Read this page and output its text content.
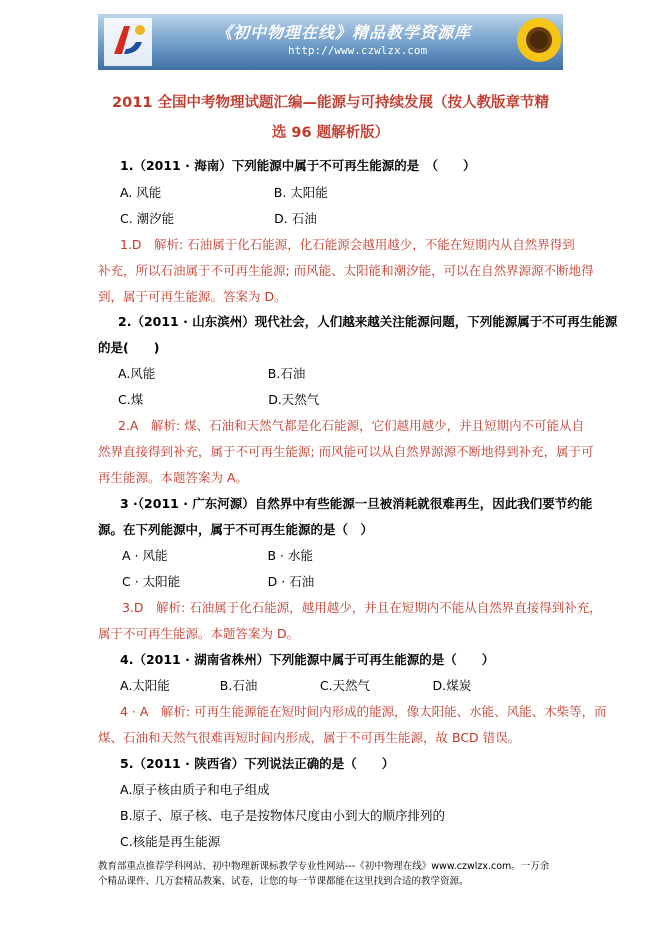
《初中物理在线》精品教学资源库
http://www.czwlzx.com
2011 全国中考物理试题汇编—能源与可持续发展（按人教版章节精
选 96 题解析版）
1.（2011 · 海南）下列能源中属于不可再生能源的是　（　　）
A. 风能　　　　　　　　　B. 太阳能
C. 潮汐能　　　　　　　　D. 石油
1.D　解析: 石油属于化石能源，化石能源会越用越少，不能在短期内从自然界得到
补充，所以石油属于不可再生能源; 而风能、太阳能和潮汐能，可以在自然界源源不断地得
到，属于可再生能源。答案为 D。
2.（2011 · 山东滨州）现代社会，人们越来越关注能源问题，下列能源属于不可再生能源
的是(　　)
A.风能　　　　　　　　　B.石油
C.煤　　　　　　　　　　D.天然气
2.A　解析: 煤、石油和天然气都是化石能源，它们越用越少，并且短期内不可能从自
然界直接得到补充，属于不可再生能源; 而风能可以从自然界源源不断地得到补充，属于可
再生能源。本题答案为 A。
3 ·（2011 · 广东河源）自然界中有些能源一旦被消耗就很难再生，因此我们要节约能
源。在下列能源中，属于不可再生能源的是（　）
A · 风能　　　　　　　　B · 水能
C · 太阳能　　　　　　　D · 石油
3.D　解析: 石油属于化石能源，越用越少，并且在短期内不能从自然界直接得到补充，
属于不可再生能源。本题答案为 D。
4.（2011 · 湖南省株州）下列能源中属于可再生能源的是（　　）
A.太阳能　　　　B.石油　　　　　C.天然气　　　　　D.煤炭
4 · A　解析: 可再生能源能在短时间内形成的能源，像太阳能、水能、风能、木柴等，而
煤、石油和天然气很难再短时间内形成，属于不可再生能源，故 BCD 错误。
5.（2011 · 陕西省）下列说法正确的是（　　）
A.原子核由质子和电子组成
B.原子、原子核、电子是按物体尺度由小到大的顺序排列的
C.核能是再生能源
教育部重点推荐学科网站、初中物理新课标教学专业性网站---《初中物理在线》www.czwlzx.com。一万余
个精品课件、几万套精品教案、试卷，让您的每一节课都能在这里找到合适的教学资源。
